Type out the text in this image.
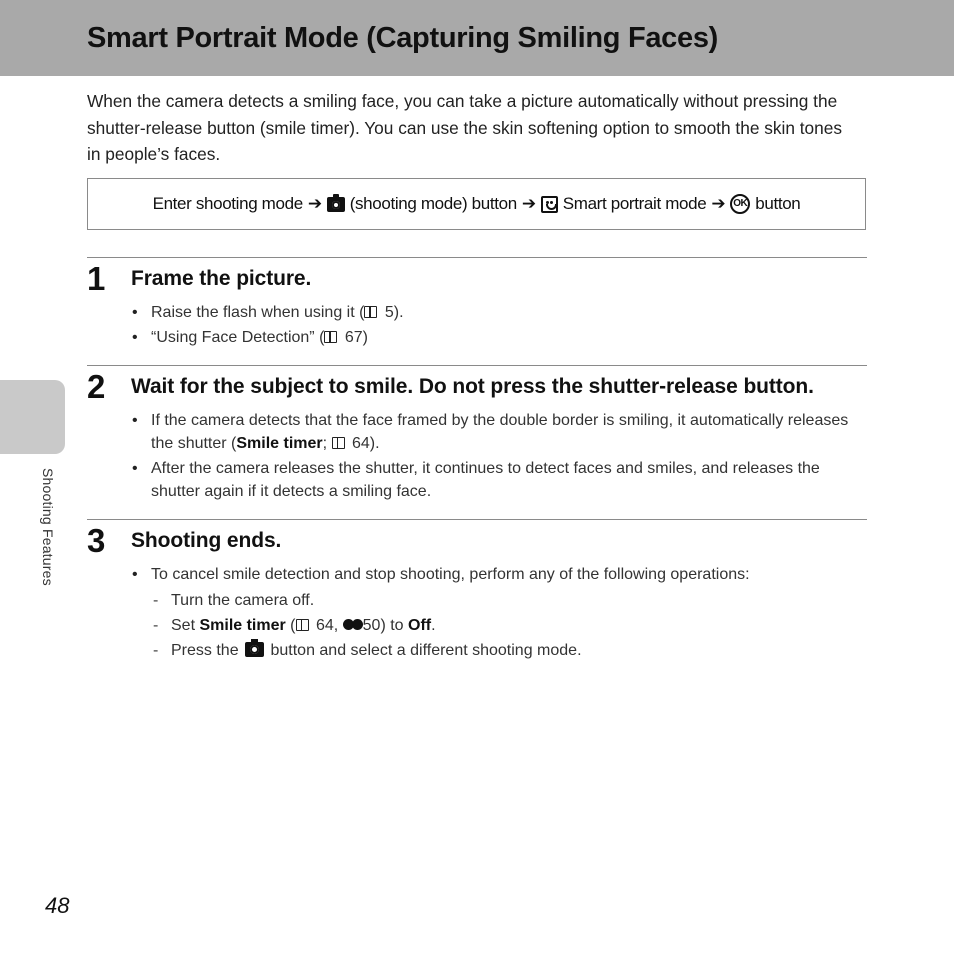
Smart Portrait Mode (Capturing Smiling Faces)

When the camera detects a smiling face, you can take a picture automatically without pressing the shutter-release button (smile timer). You can use the skin softening option to smooth the skin tones in people’s faces.

Enter shooting mode ➔ (shooting mode) button ➔ Smart portrait mode ➔ OK button
1 Frame the picture.
• Raise the flash when using it ( 5).
• “Using Face Detection” ( 67)
2 Wait for the subject to smile. Do not press the shutter-release button.
• If the camera detects that the face framed by the double border is smiling, it automatically releases the shutter (Smile timer;  64).
• After the camera releases the shutter, it continues to detect faces and smiles, and releases the shutter again if it detects a smiling face.
3 Shooting ends.
• To cancel smile detection and stop shooting, perform any of the following operations:
- Turn the camera off.
- Set Smile timer ( 64,
50) to Off.
- Press the  button and select a different shooting mode.
Shooting Features
48
